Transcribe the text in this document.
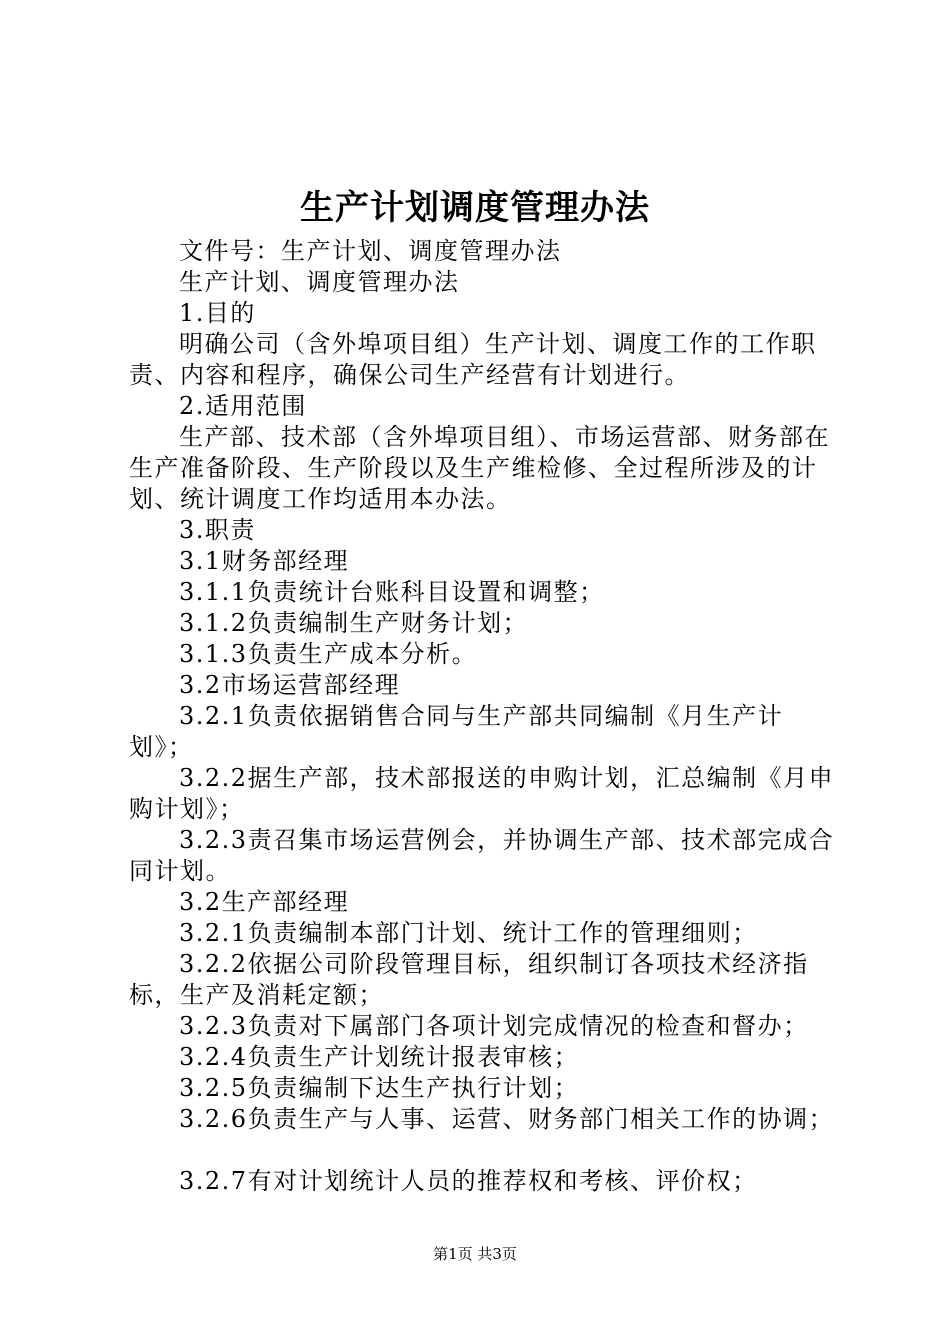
生产计划调度管理办法

文件号：生产计划、调度管理办法

生产计划、调度管理办法

1.目的

明确公司（含外埠项目组）生产计划、调度工作的工作职责、内容和程序，确保公司生产经营有计划进行。

2.适用范围

生产部、技术部（含外埠项目组）、市场运营部、财务部在生产准备阶段、生产阶段以及生产维检修、全过程所涉及的计划、统计调度工作均适用本办法。

3.职责

3.1财务部经理

3.1.1负责统计台账科目设置和调整；

3.1.2负责编制生产财务计划；

3.1.3负责生产成本分析。

3.2市场运营部经理

3.2.1负责依据销售合同与生产部共同编制《月生产计划》；

3.2.2据生产部，技术部报送的申购计划，汇总编制《月申购计划》；

3.2.3责召集市场运营例会，并协调生产部、技术部完成合同计划。

3.2生产部经理

3.2.1负责编制本部门计划、统计工作的管理细则；

3.2.2依据公司阶段管理目标，组织制订各项技术经济指标，生产及消耗定额；

3.2.3负责对下属部门各项计划完成情况的检查和督办；

3.2.4负责生产计划统计报表审核；

3.2.5负责编制下达生产执行计划；

3.2.6负责生产与人事、运营、财务部门相关工作的协调；

3.2.7有对计划统计人员的推荐权和考核、评价权；

第1页 共3页
